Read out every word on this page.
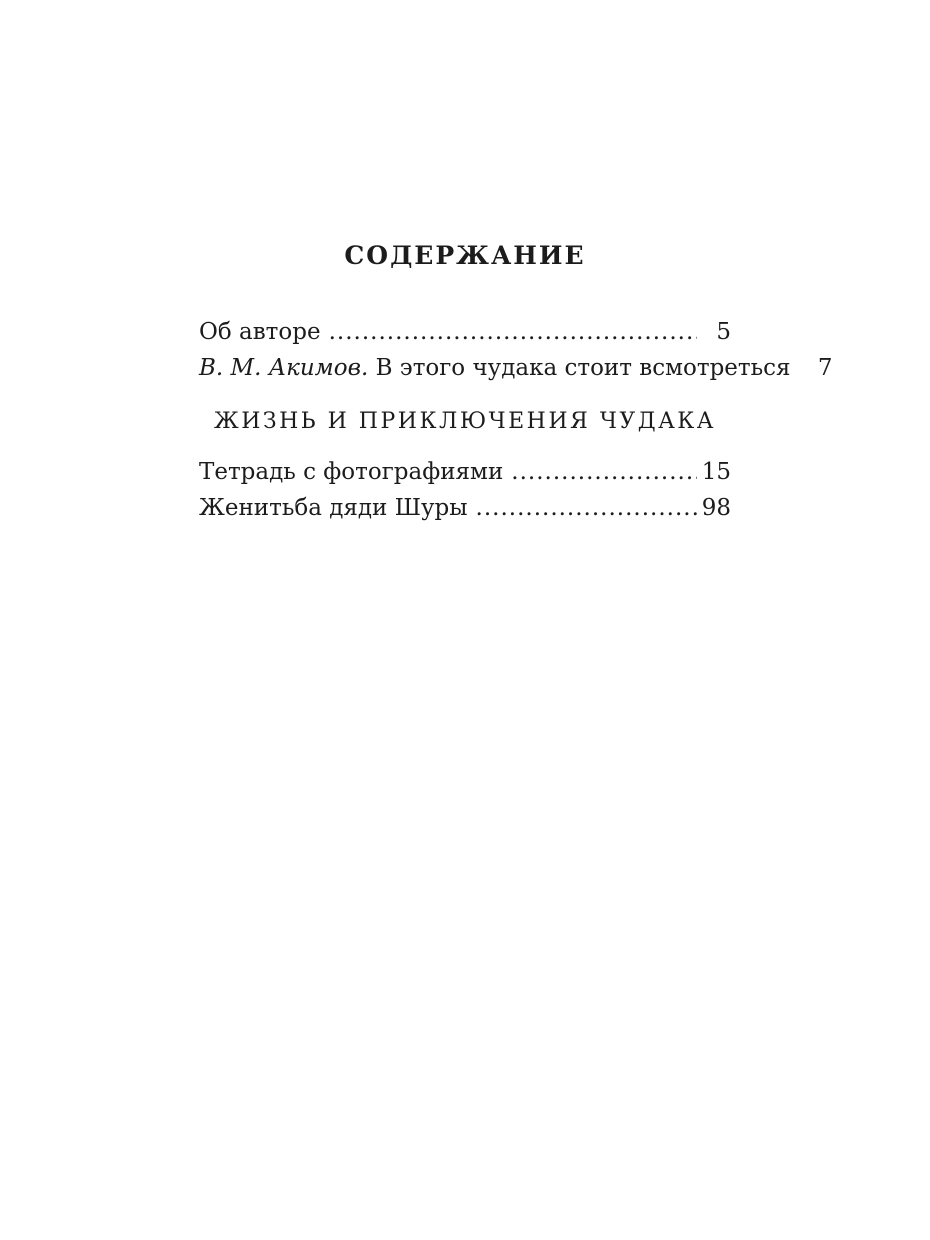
СОДЕРЖАНИЕ
Об авторе .....	5
В. М. Акимов. В этого чудака стоит всмотреться	7
ЖИЗНЬ И ПРИКЛЮЧЕНИЯ ЧУДАКА
Тетрадь с фотографиями .....	15
Женитьба дяди Шуры .....	98
